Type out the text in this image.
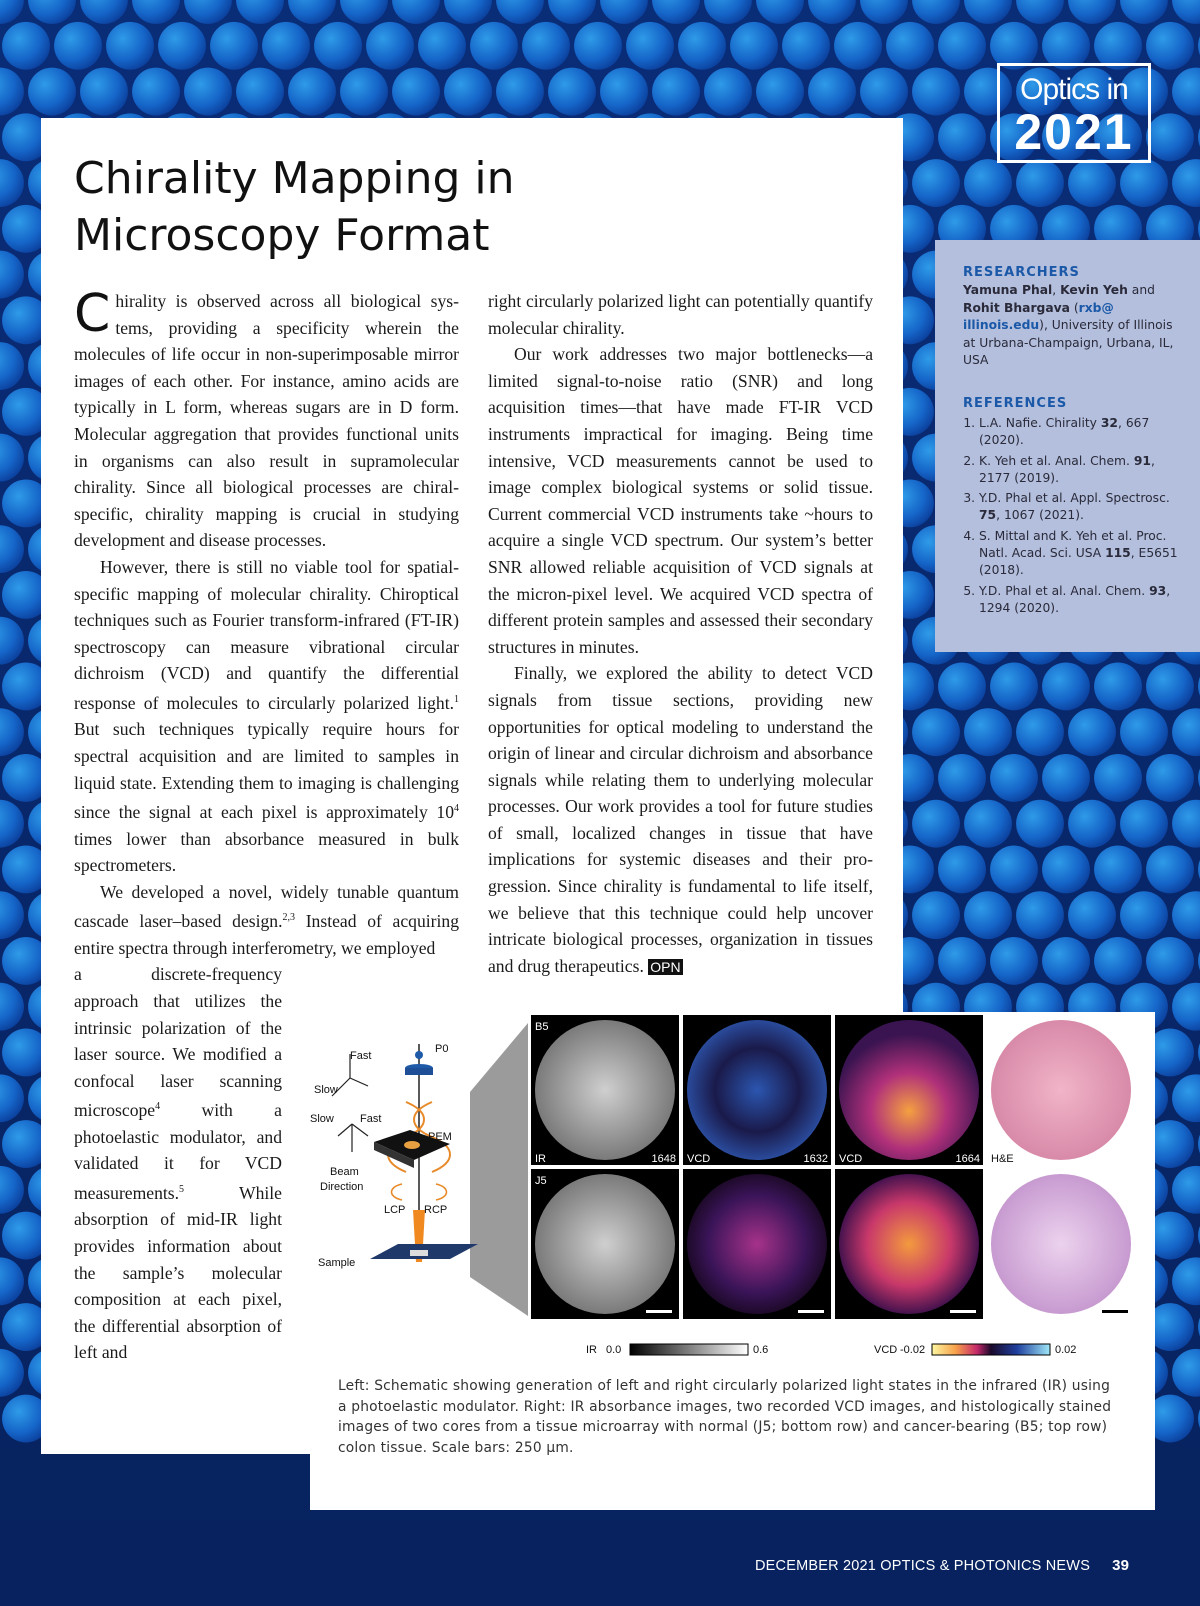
Optics in
2021
Chirality Mapping in
Microscopy Format

Chirality is observed across all biological systems, providing a specificity wherein the molecules of life occur in non-superimposable mirror images of each other. For instance, amino acids are typically in L form, whereas sugars are in D form. Molecular aggregation that provides functional units in organisms can also result in supramolecular chirality. Since all biological processes are chiral-specific, chirality mapping is crucial in studying development and disease processes.

However, there is still no viable tool for spatial-specific mapping of molecular chirality. Chiroptical techniques such as Fourier transform-infrared (FT-IR) spectroscopy can measure vibrational circular dichroism (VCD) and quantify the differential response of molecules to circularly polarized light.$^1$ But such techniques typically require hours for spectral acquisition and are limited to samples in liquid state. Extending them to imaging is challenging since the signal at each pixel is approximately $10^4$ times lower than absorbance measured in bulk spectrometers.

We developed a novel, widely tunable quantum cascade laser–based design.$^{2,3}$ Instead of acquiring entire spectra through interferometry, we employed

a discrete-frequency approach that utilizes the intrinsic polarization of the laser source. We modified a confocal laser scanning microscope$^4$ with a photoelastic modulator, and validated it for VCD measurements.$^5$ While absorption of mid-IR light provides information about the sample’s molecular composition at each pixel, the differential absorption of left and

right circularly polarized light can potentially quantify molecular chirality.

Our work addresses two major bottlenecks—a limited signal-to-noise ratio (SNR) and long acquisition times—that have made FT-IR VCD instruments impractical for imaging. Being time intensive, VCD measurements cannot be used to image complex biological systems or solid tissue. Current commercial VCD instruments take ~hours to acquire a single VCD spectrum. Our system’s better SNR allowed reliable acquisition of VCD signals at the micron-pixel level. We acquired VCD spectra of different protein samples and assessed their secondary structures in minutes.

Finally, we explored the ability to detect VCD signals from tissue sections, providing new opportunities for optical modeling to understand the origin of linear and circular dichroism and absorbance signals while relating them to underlying molecular processes. Our work provides a tool for future studies of small, localized changes in tissue that have implications for systemic diseases and their progression. Since chirality is fundamental to life itself, we believe that this technique could help uncover intricate biological processes, organization in tissues and drug therapeutics. OPN

RESEARCHERS
Yamuna Phal, Kevin Yeh and Rohit Bhargava (rxb@ illinois.edu), University of Illinois at Urbana-Champaign, Urbana, IL, USA
REFERENCES
1. L.A. Nafie. Chirality 32, 667 (2020).
2. K. Yeh et al. Anal. Chem. 91, 2177 (2019).
3. Y.D. Phal et al. Appl. Spectrosc. 75, 1067 (2021).
4. S. Mittal and K. Yeh et al. Proc. Natl. Acad. Sci. USA 115, E5651 (2018).
5. Y.D. Phal et al. Anal. Chem. 93, 1294 (2020).
P0
Fast
Slow
Slow Fast
PEM
Beam
Direction
LCP RCP
Sample
B5
J5
IR	1648 VCD	1632 VCD	1664 H&E
IR 0.0	0.6	VCD -0.02	0.02

Left: Schematic showing generation of left and right circularly polarized light states in the infrared (IR) using a photoelastic modulator. Right: IR absorbance images, two recorded VCD images, and histologically stained images of two cores from a tissue microarray with normal (J5; bottom row) and cancer-bearing (B5; top row) colon tissue. Scale bars: 250 µm.

DECEMBER 2021 OPTICS & PHOTONICS NEWS 39
